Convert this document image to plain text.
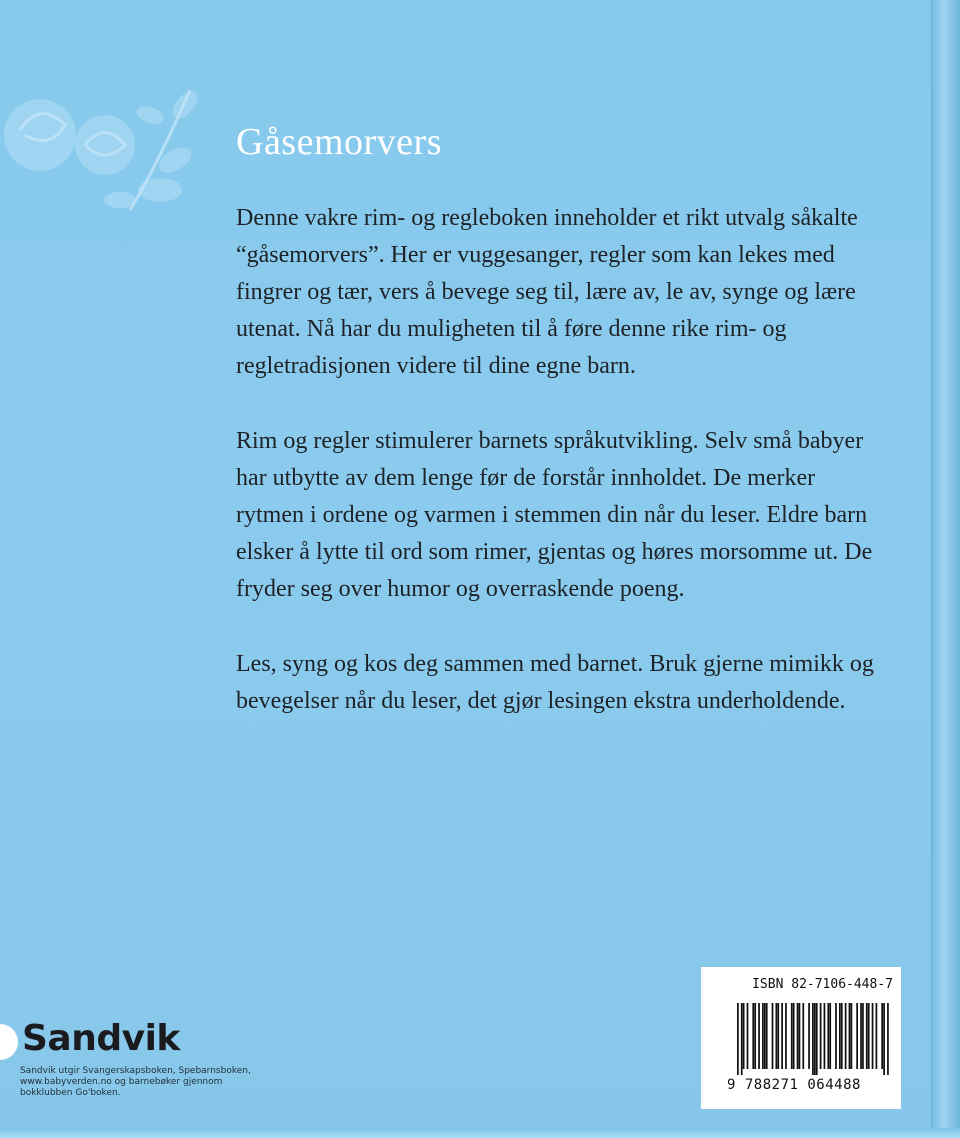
Gåsemorvers

Denne vakre rim- og regleboken inneholder et rikt utvalg såkalte “gåsemorvers”. Her er vuggesanger, regler som kan lekes med fingrer og tær, vers å bevege seg til, lære av, le av, synge og lære utenat. Nå har du muligheten til å føre denne rike rim- og regletradisjonen videre til dine egne barn.

Rim og regler stimulerer barnets språkutvikling. Selv små babyer har utbytte av dem lenge før de forstår innholdet. De merker rytmen i ordene og varmen i stemmen din når du leser. Eldre barn elsker å lytte til ord som rimer, gjentas og høres morsomme ut. De fryder seg over humor og overraskende poeng.

Les, syng og kos deg sammen med barnet. Bruk gjerne mimikk og bevegelser når du leser, det gjør lesingen ekstra underholdende.

Sandvik
Sandvik utgir Svangerskapsboken, Spebarnsboken, www.babyverden.no og barnebøker gjennom bokklubben Go'boken.
ISBN 82-7106-448-7
9 788271 064488
